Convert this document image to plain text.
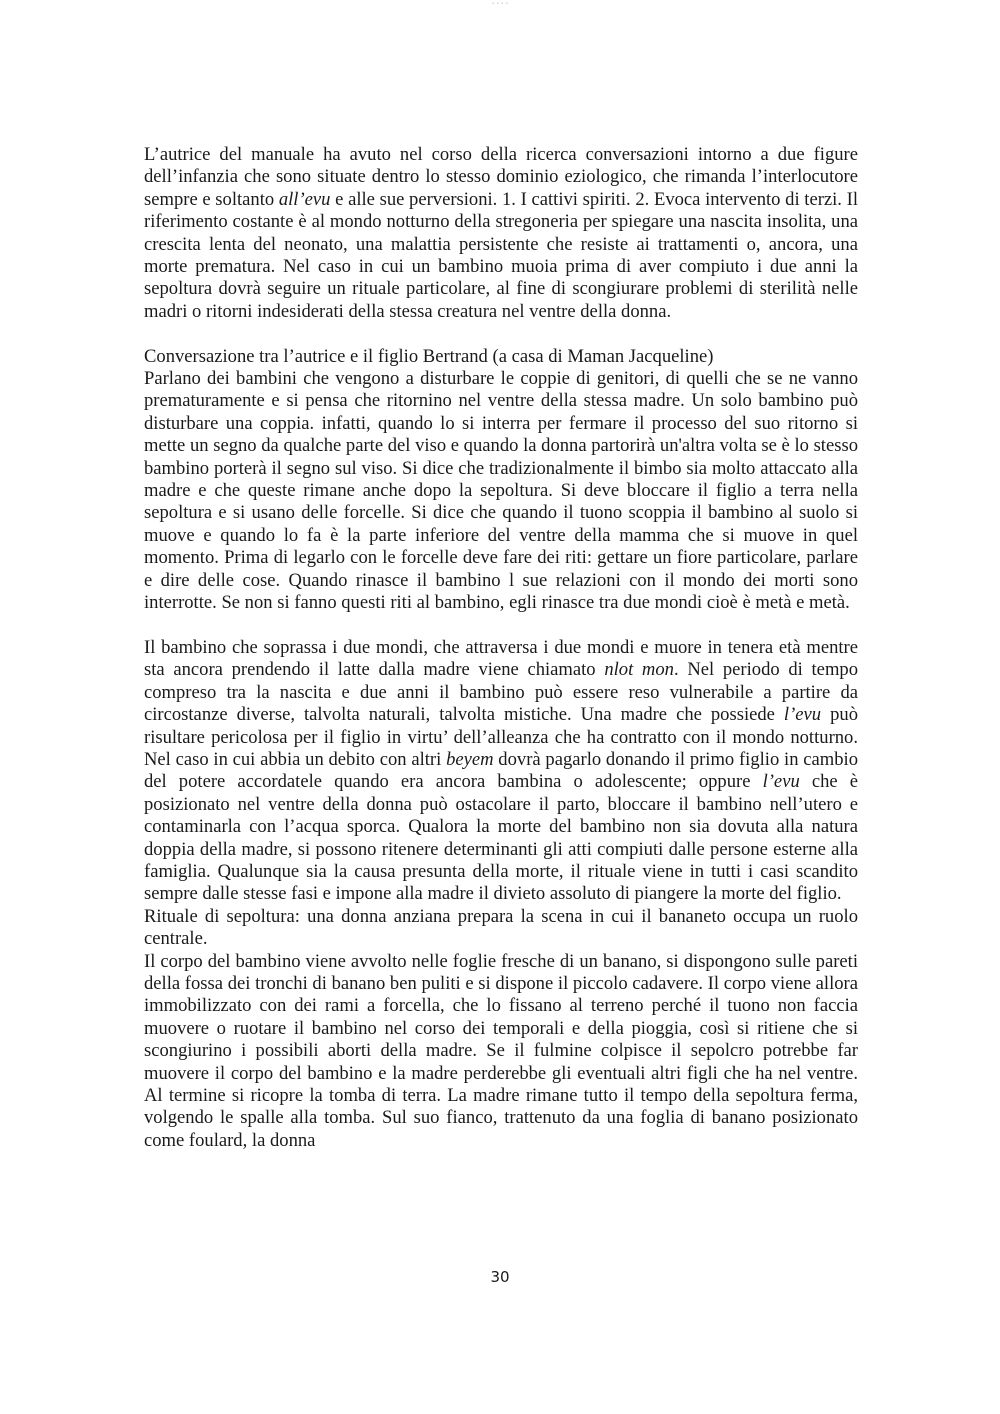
• • • •

L’autrice del manuale ha avuto nel corso della ricerca conversazioni intorno a due figure dell’infanzia che sono situate dentro lo stesso dominio eziologico, che rimanda l’interlocutore sempre e soltanto all’evu e alle sue perversioni. 1. I cattivi spiriti. 2. Evoca intervento di terzi. Il riferimento costante è al mondo notturno della stregoneria per spiegare una nascita insolita, una crescita lenta del neonato, una malattia persistente che resiste ai trattamenti o, ancora, una morte prematura. Nel caso in cui un bambino muoia prima di aver compiuto i due anni la sepoltura dovrà seguire un rituale particolare, al fine di scongiurare problemi di sterilità nelle madri o ritorni indesiderati della stessa creatura nel ventre della donna.

Conversazione tra l’autrice e il figlio Bertrand (a casa di Maman Jacqueline)

Parlano dei bambini che vengono a disturbare le coppie di genitori, di quelli che se ne vanno prematuramente e si pensa che ritornino nel ventre della stessa madre. Un solo bambino può disturbare una coppia. infatti, quando lo si interra per fermare il processo del suo ritorno si mette un segno da qualche parte del viso e quando la donna partorirà un'altra volta se è lo stesso bambino porterà il segno sul viso. Si dice che tradizionalmente il bimbo sia molto attaccato alla madre e che queste rimane anche dopo la sepoltura. Si deve bloccare il figlio a terra nella sepoltura e si usano delle forcelle. Si dice che quando il tuono scoppia il bambino al suolo si muove e quando lo fa è la parte inferiore del ventre della mamma che si muove in quel momento. Prima di legarlo con le forcelle deve fare dei riti: gettare un fiore particolare, parlare e dire delle cose. Quando rinasce il bambino l sue relazioni con il mondo dei morti sono interrotte. Se non si fanno questi riti al bambino, egli rinasce tra due mondi cioè è metà e metà.

Il bambino che soprassa i due mondi, che attraversa i due mondi e muore in tenera età mentre sta ancora prendendo il latte dalla madre viene chiamato nlot mon. Nel periodo di tempo compreso tra la nascita e due anni il bambino può essere reso vulnerabile a partire da circostanze diverse, talvolta naturali, talvolta mistiche. Una madre che possiede l’evu può risultare pericolosa per il figlio in virtu’ dell’alleanza che ha contratto con il mondo notturno. Nel caso in cui abbia un debito con altri beyem dovrà pagarlo donando il primo figlio in cambio del potere accordatele quando era ancora bambina o adolescente; oppure l’evu che è posizionato nel ventre della donna può ostacolare il parto, bloccare il bambino nell’utero e contaminarla con l’acqua sporca. Qualora la morte del bambino non sia dovuta alla natura doppia della madre, si possono ritenere determinanti gli atti compiuti dalle persone esterne alla famiglia. Qualunque sia la causa presunta della morte, il rituale viene in tutti i casi scandito sempre dalle stesse fasi e impone alla madre il divieto assoluto di piangere la morte del figlio.

Rituale di sepoltura: una donna anziana prepara la scena in cui il bananeto occupa un ruolo centrale.

Il corpo del bambino viene avvolto nelle foglie fresche di un banano, si dispongono sulle pareti della fossa dei tronchi di banano ben puliti e si dispone il piccolo cadavere. Il corpo viene allora immobilizzato con dei rami a forcella, che lo fissano al terreno perché il tuono non faccia muovere o ruotare il bambino nel corso dei temporali e della pioggia, così si ritiene che si scongiurino i possibili aborti della madre. Se il fulmine colpisce il sepolcro potrebbe far muovere il corpo del bambino e la madre perderebbe gli eventuali altri figli che ha nel ventre. Al termine si ricopre la tomba di terra. La madre rimane tutto il tempo della sepoltura ferma, volgendo le spalle alla tomba. Sul suo fianco, trattenuto da una foglia di banano posizionato come foulard, la donna

30
